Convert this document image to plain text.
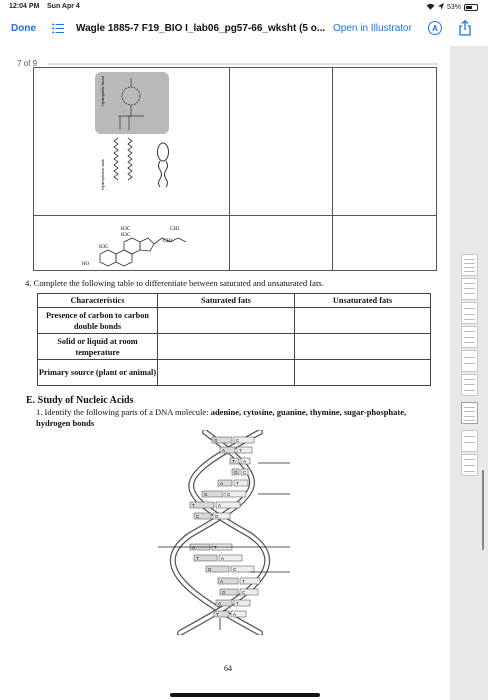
12:04 PM Sun Apr 4	53%
Done	Wagle 1885-7 F19_BIO I_lab06_pg57-66_wksht (5 o... Open in Illustrator	A
7 of 9
Hydrophilic head
Hydrophobic tails
H3C
H3C
CH3
CH3
H3C
HO
4. Complete the following table to differentiate between saturated and unsaturated fats.
Characteristics	Saturated fats	Unsaturated fats
Presence of carbon to carbon double bonds		
Solid or liquid at room temperature		
Primary source (plant or animal)		
E. Study of Nucleic Acids
1. Identify the following parts of a DNA molecule: adenine, cytosine, guanine, thymine, sugar-phosphate, hydrogen bonds
G	C
A	T
T A
G C
A	T
G	C
T	A
C	G
A	T
T	A
G	C
A	T
G	C
A	T
T	A
64
